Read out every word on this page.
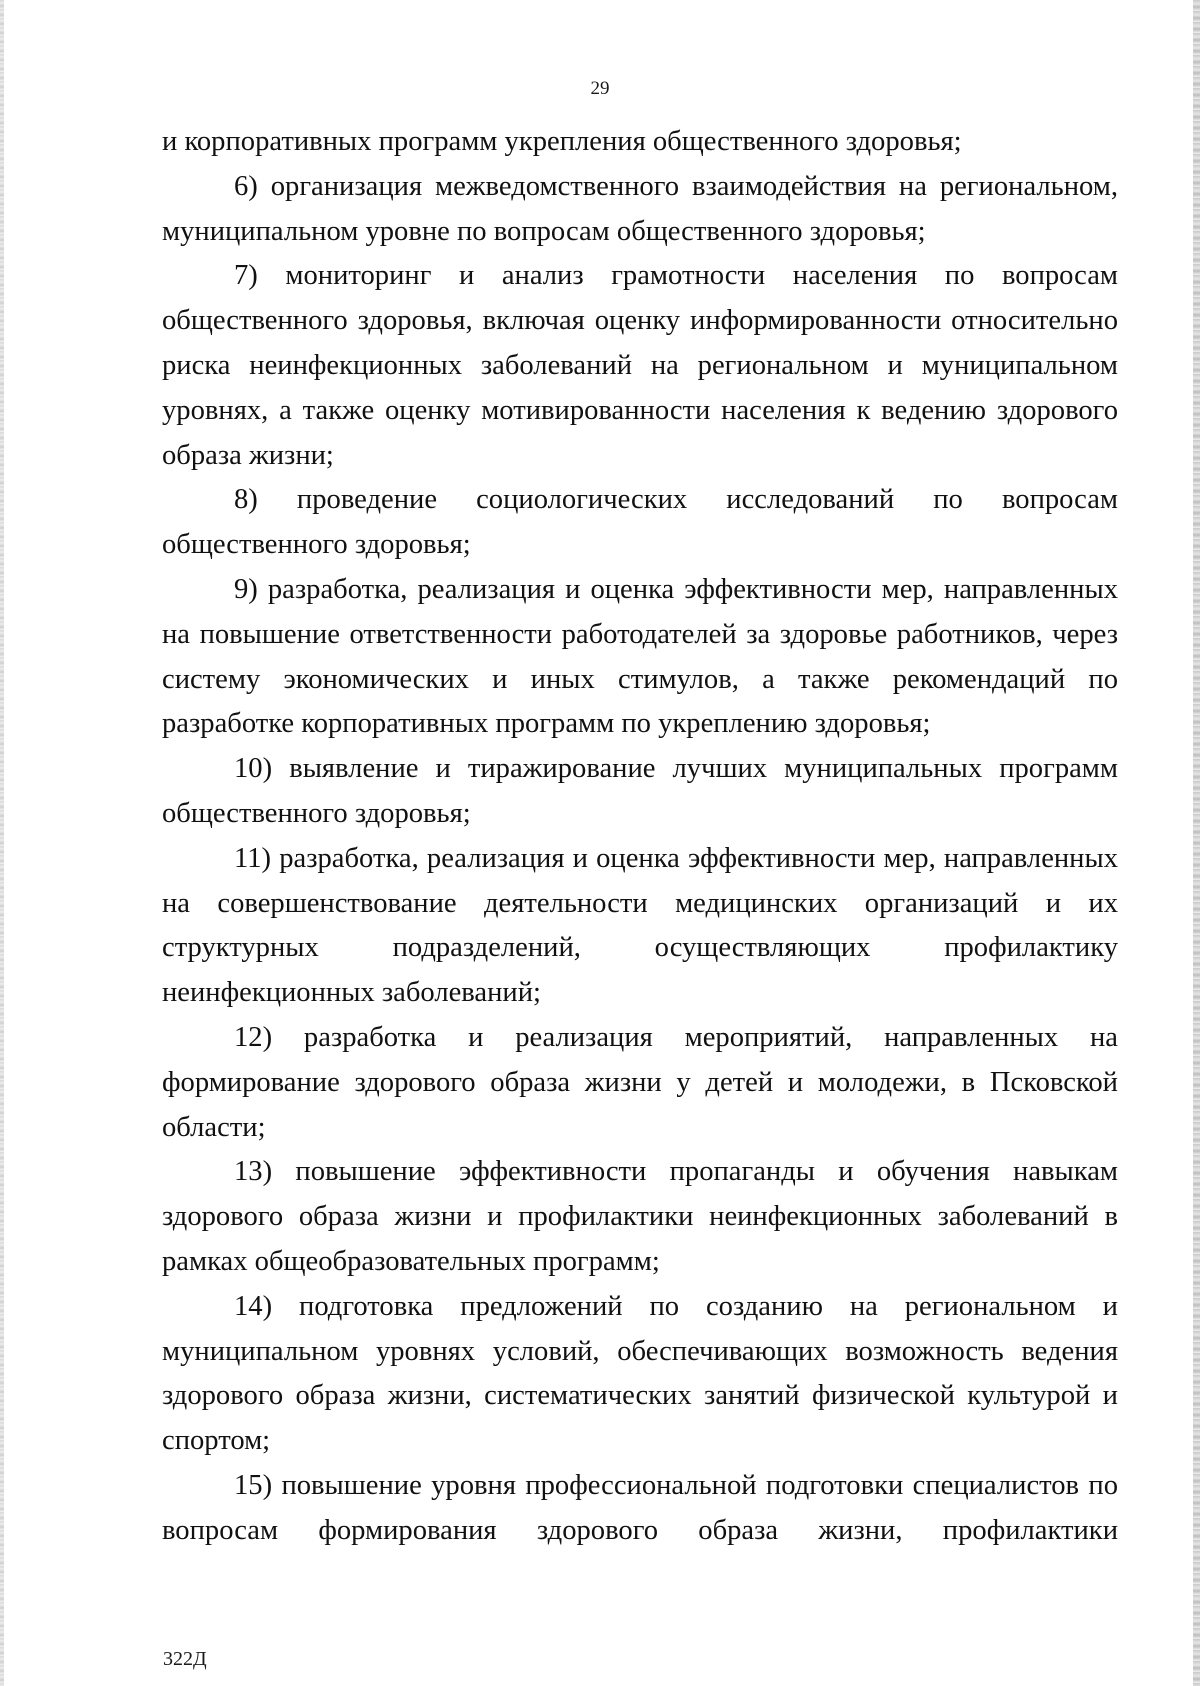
29

и корпоративных программ укрепления общественного здоровья;

6) организация межведомственного взаимодействия на региональном, муниципальном уровне по вопросам общественного здоровья;

7) мониторинг и анализ грамотности населения по вопросам общественного здоровья, включая оценку информированности относительно риска неинфекционных заболеваний на региональном и муниципальном уровнях, а также оценку мотивированности населения к ведению здорового образа жизни;

8) проведение социологических исследований по вопросам общественного здоровья;

9) разработка, реализация и оценка эффективности мер, направленных на повышение ответственности работодателей за здоровье работников, через систему экономических и иных стимулов, а также рекомендаций по разработке корпоративных программ по укреплению здоровья;

10) выявление и тиражирование лучших муниципальных программ общественного здоровья;

11) разработка, реализация и оценка эффективности мер, направленных на совершенствование деятельности медицинских организаций и их структурных подразделений, осуществляющих профилактику неинфекционных заболеваний;

12) разработка и реализация мероприятий, направленных на формирование здорового образа жизни у детей и молодежи, в Псковской области;

13) повышение эффективности пропаганды и обучения навыкам здорового образа жизни и профилактики неинфекционных заболеваний в рамках общеобразовательных программ;

14) подготовка предложений по созданию на региональном и муниципальном уровнях условий, обеспечивающих возможность ведения здорового образа жизни, систематических занятий физической культурой и спортом;

15) повышение уровня профессиональной подготовки специалистов по вопросам формирования здорового образа жизни, профилактики

322Д
